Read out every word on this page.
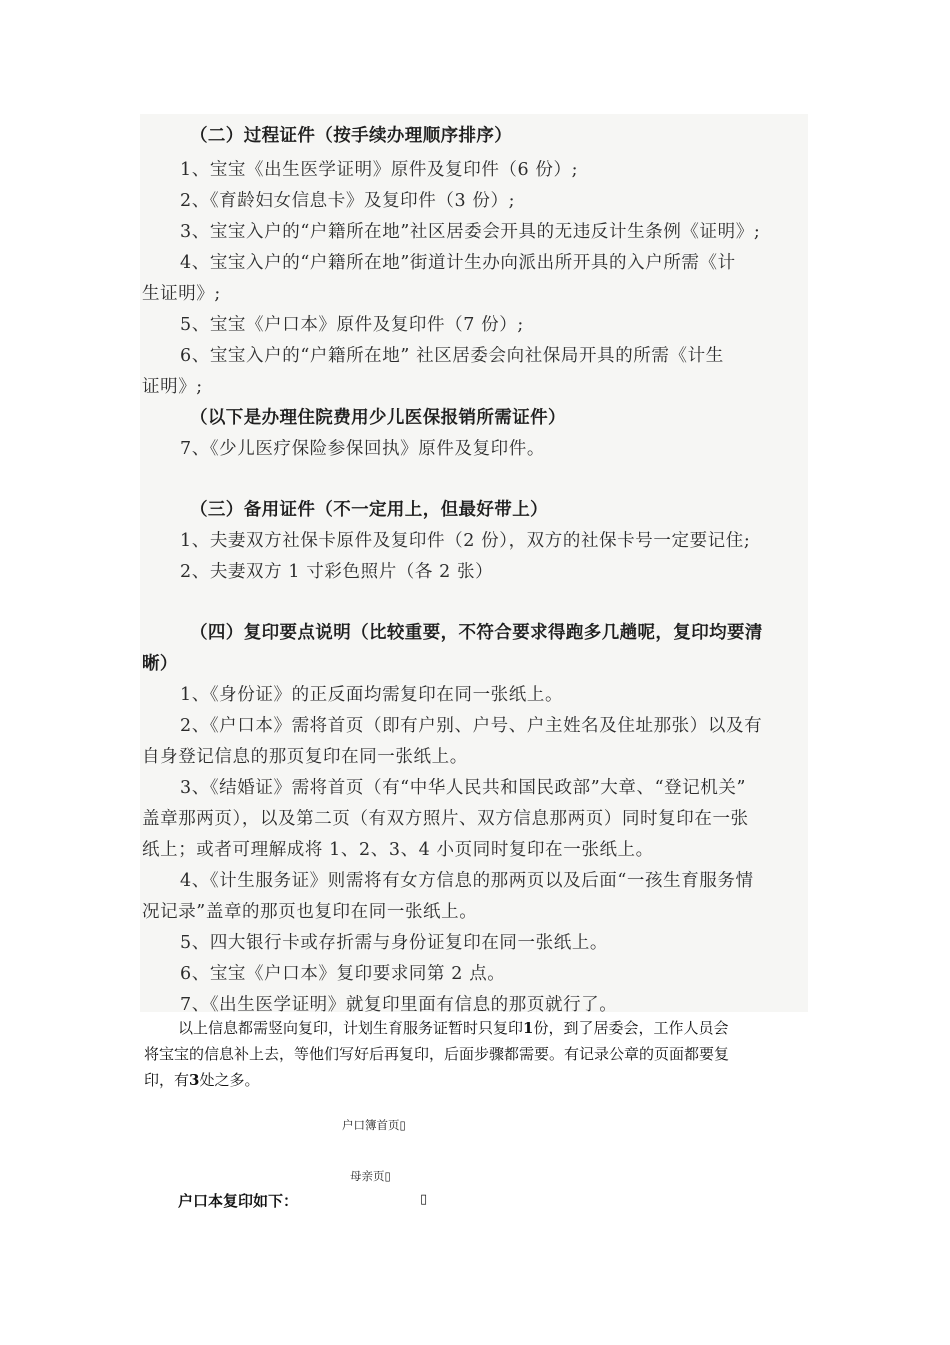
（二）过程证件（按手续办理顺序排序）

1、宝宝《出生医学证明》原件及复印件（6 份）;

2、《育龄妇女信息卡》及复印件（3 份）;

3、宝宝入户的“户籍所在地”社区居委会开具的无违反计生条例《证明》;

4、宝宝入户的“户籍所在地”街道计生办向派出所开具的入户所需《计

生证明》;

5、宝宝《户口本》原件及复印件（7 份）;

6、宝宝入户的“户籍所在地” 社区居委会向社保局开具的所需《计生

证明》;

（以下是办理住院费用少儿医保报销所需证件）

7、《少儿医疗保险参保回执》原件及复印件。

（三）备用证件（不一定用上，但最好带上）

1、夫妻双方社保卡原件及复印件（2 份），双方的社保卡号一定要记住;

2、夫妻双方 1 寸彩色照片（各 2 张）

（四）复印要点说明（比较重要，不符合要求得跑多几趟呢，复印均要清

晰）

1、《身份证》的正反面均需复印在同一张纸上。

2、《户口本》需将首页（即有户别、户号、户主姓名及住址那张）以及有

自身登记信息的那页复印在同一张纸上。

3、《结婚证》需将首页（有“中华人民共和国民政部”大章、“登记机关”

盖章那两页），以及第二页（有双方照片、双方信息那两页）同时复印在一张

纸上；或者可理解成将 1、2、3、4 小页同时复印在一张纸上。

4、《计生服务证》则需将有女方信息的那两页以及后面“一孩生育服务情

况记录”盖章的那页也复印在同一张纸上。

5、四大银行卡或存折需与身份证复印在同一张纸上。

6、宝宝《户口本》复印要求同第 2 点。

7、《出生医学证明》就复印里面有信息的那页就行了。

以上信息都需竖向复印，计划生育服务证暂时只复印1份，到了居委会，工作人员会

将宝宝的信息补上去，等他们写好后再复印，后面步骤都需要。有记录公章的页面都要复

印，有3处之多。

户口簿首页▯

母亲页▯

户口本复印如下：	▯
